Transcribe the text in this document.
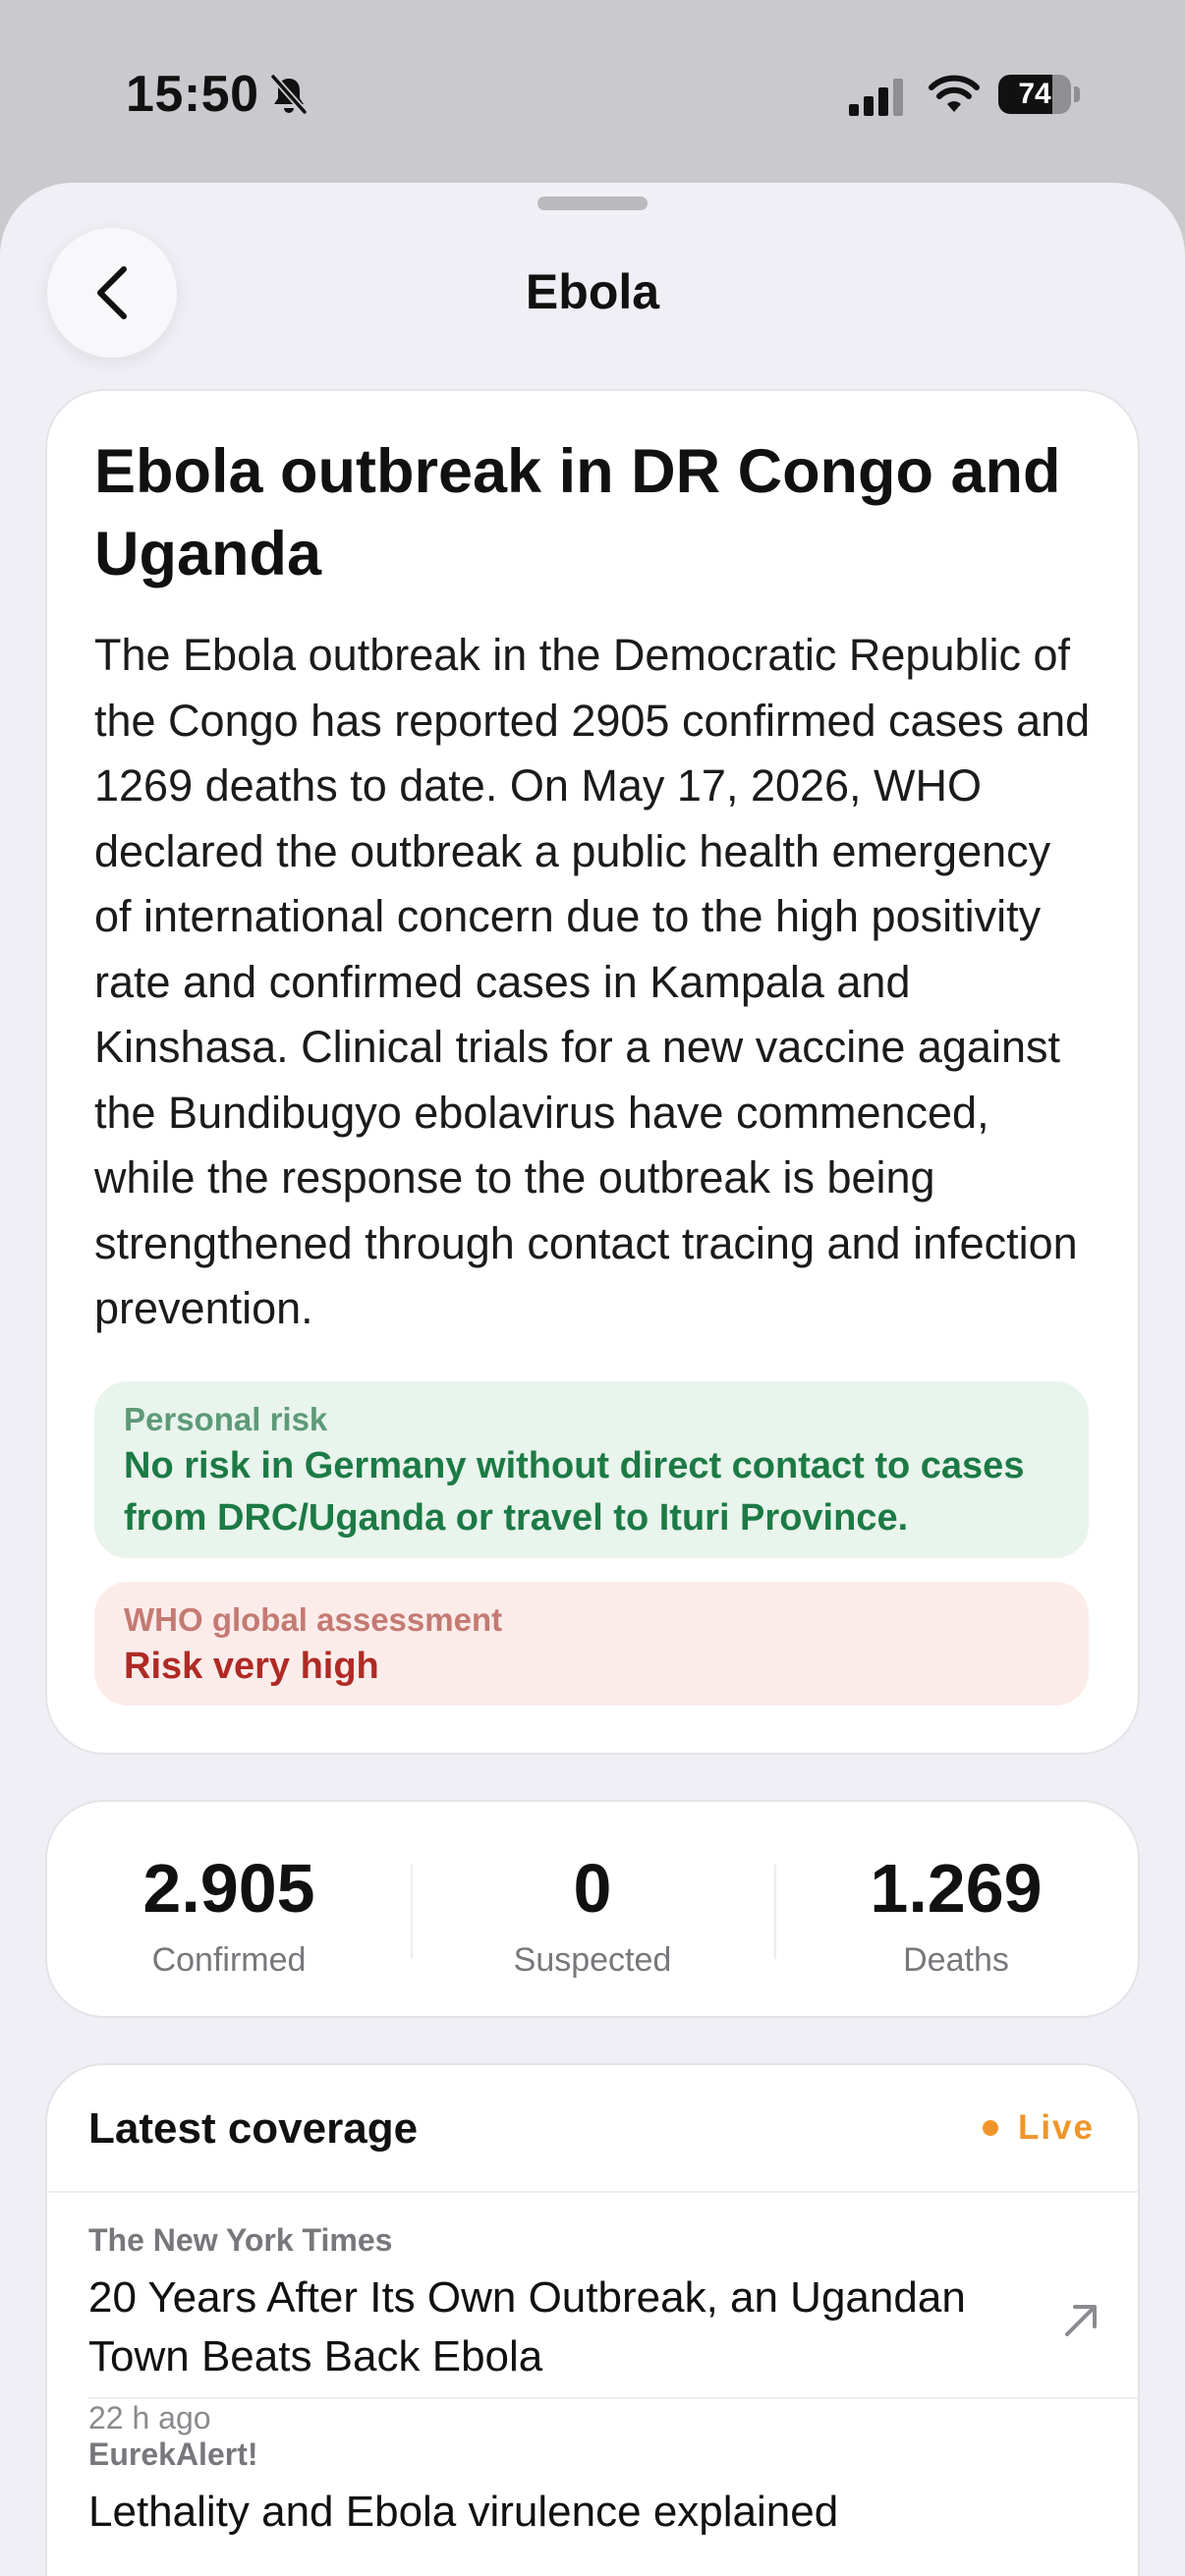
15:50	74
Ebola
Ebola outbreak in DR Congo and Uganda
The Ebola outbreak in the Democratic Republic of the Congo has reported 2905 confirmed cases and 1269 deaths to date. On May 17, 2026, WHO declared the outbreak a public health emergency of international concern due to the high positivity rate and confirmed cases in Kampala and Kinshasa. Clinical trials for a new vaccine against the Bundibugyo ebolavirus have commenced, while the response to the outbreak is being strengthened through contact tracing and infection prevention.
Personal risk
No risk in Germany without direct contact to cases from DRC/Uganda or travel to Ituri Province.
WHO global assessment
Risk very high
2.905
Confirmed
0
Suspected
1.269
Deaths
Latest coverage	Live
The New York Times
20 Years After Its Own Outbreak, an Ugandan Town Beats Back Ebola
22 h ago
EurekAlert!
Lethality and Ebola virulence explained
